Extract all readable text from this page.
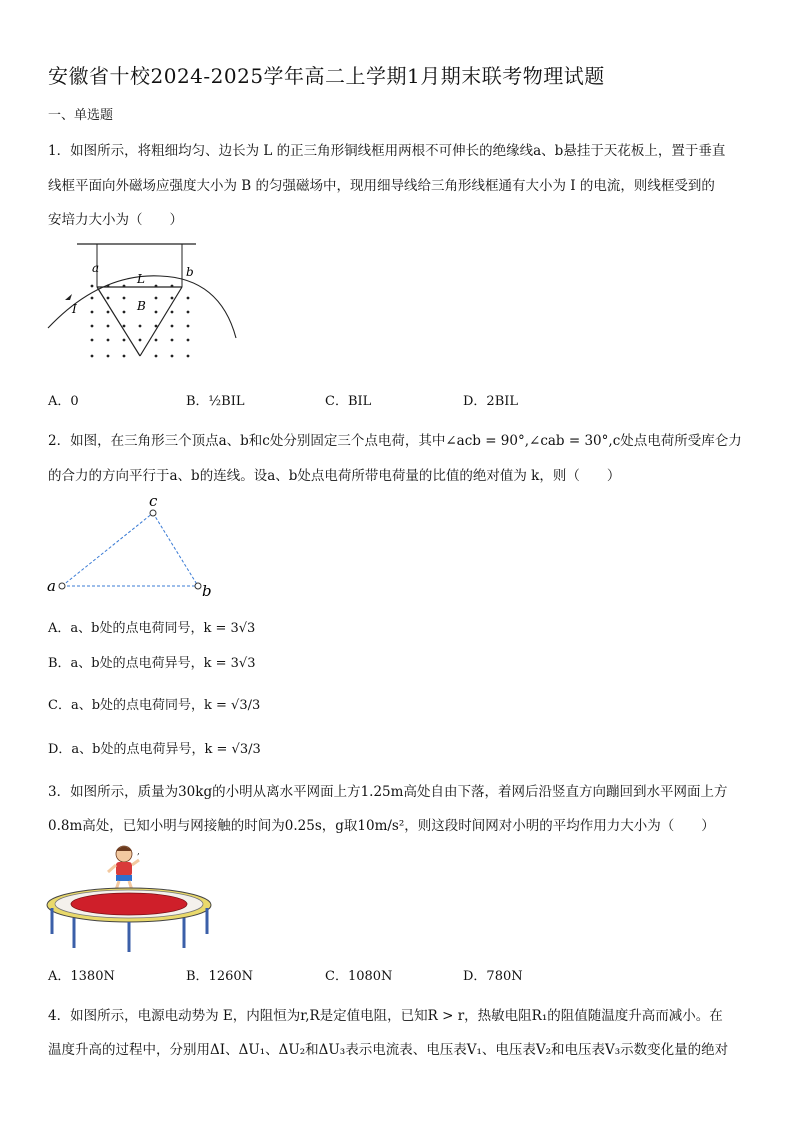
安徽省十校2024-2025学年高二上学期1月期末联考物理试题
一、单选题
1．如图所示，将粗细均匀、边长为 L 的正三角形铜线框用两根不可伸长的绝缘线a、b悬挂于天花板上，置于垂直
线框平面向外磁场应强度大小为 B 的匀强磁场中，现用细导线给三角形线框通有大小为 I 的电流，则线框受到的
安培力大小为（　　）
a	b
L
B
I
A．0	B．½BIL	C．BIL	D．2BIL
2．如图，在三角形三个顶点a、b和c处分别固定三个点电荷，其中∠acb = 90°,∠cab = 30°,c处点电荷所受库仑力
的合力的方向平行于a、b的连线。设a、b处点电荷所带电荷量的比值的绝对值为 k，则（　　）
a	b
c
A．a、b处的点电荷同号，k = 3√3
B．a、b处的点电荷异号，k = 3√3
C．a、b处的点电荷同号，k = √3/3
D．a、b处的点电荷异号，k = √3/3
3．如图所示，质量为30kg的小明从离水平网面上方1.25m高处自由下落，着网后沿竖直方向蹦回到水平网面上方
0.8m高处，已知小明与网接触的时间为0.25s，g取10m/s²，则这段时间网对小明的平均作用力大小为（　　）
,
A．1380N	B．1260N	C．1080N	D．780N
4．如图所示，电源电动势为 E，内阻恒为r,R是定值电阻，已知R > r，热敏电阻R₁的阻值随温度升高而减小。在
温度升高的过程中，分别用ΔI、ΔU₁、ΔU₂和ΔU₃表示电流表、电压表V₁、电压表V₂和电压表V₃示数变化量的绝对
